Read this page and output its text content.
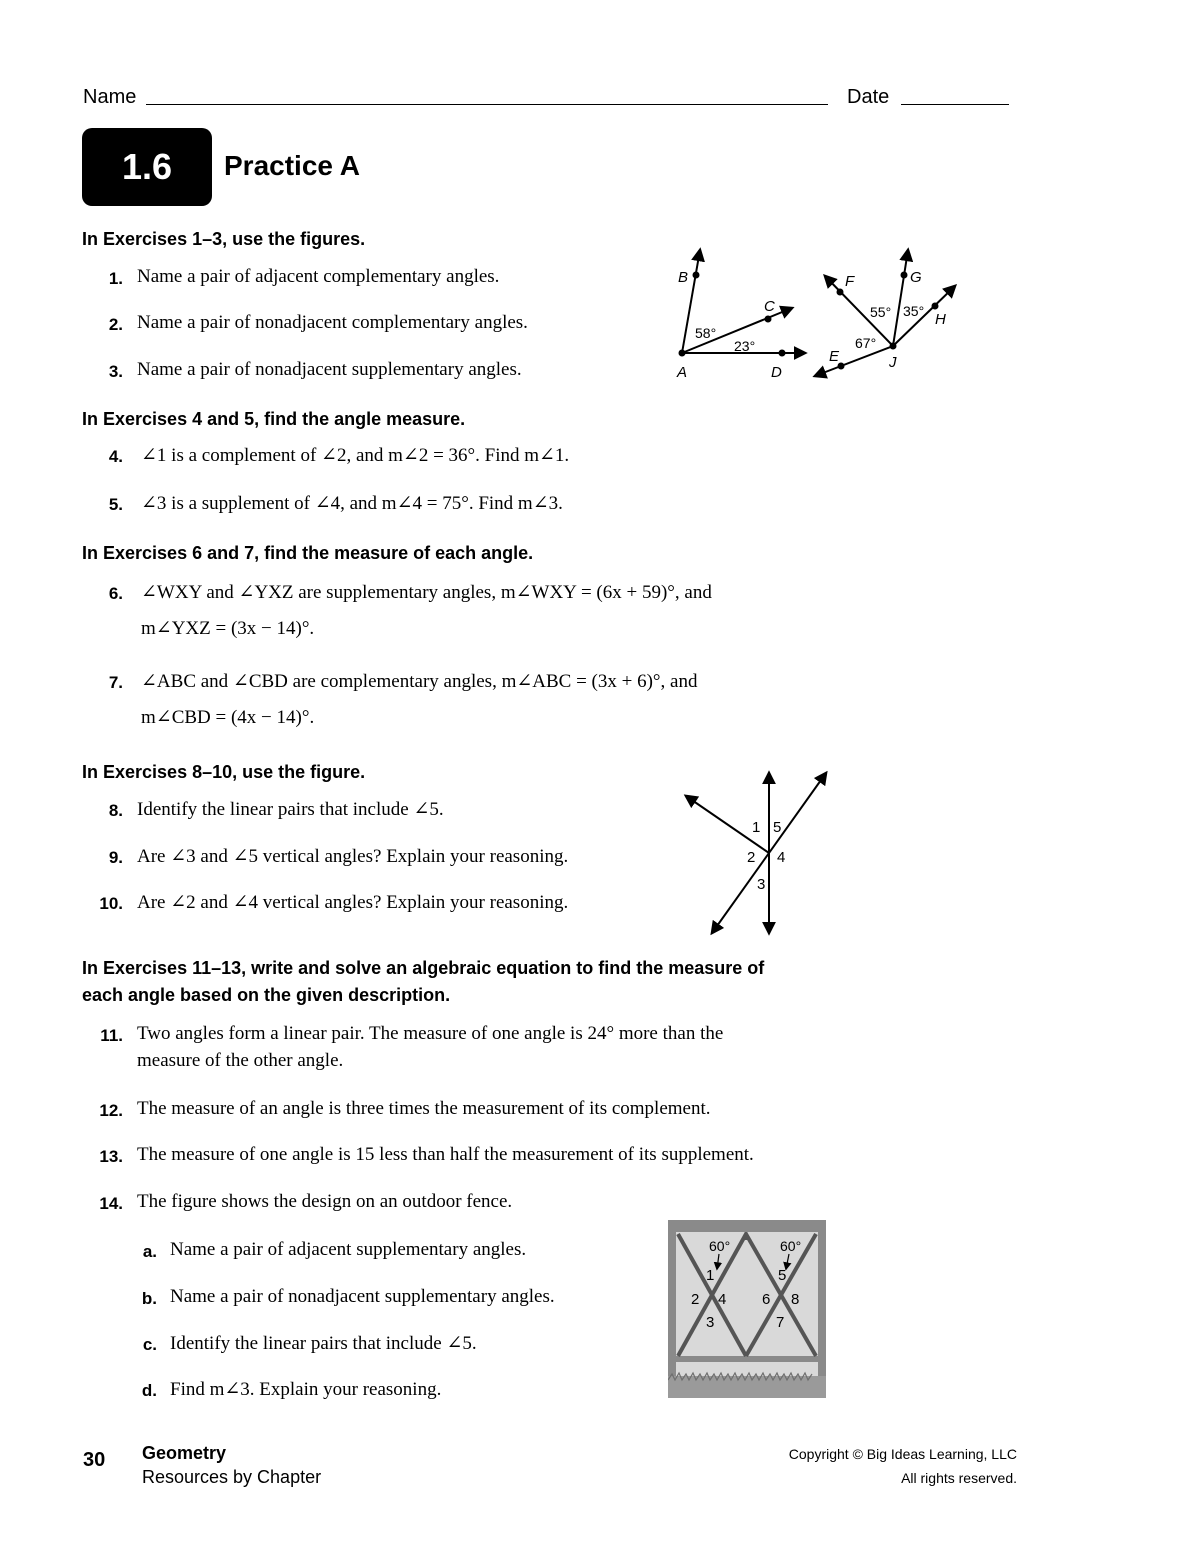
Name	Date
1.6 Practice A
In Exercises 1–3, use the figures.
1. Name a pair of adjacent complementary angles.
2. Name a pair of nonadjacent complementary angles.
3. Name a pair of nonadjacent supplementary angles.
B
C
A	D
58°
23°
F	G
H
E	J
55° 35°
67°
In Exercises 4 and 5, find the angle measure.
4. ∠1 is a complement of ∠2, and m∠2 = 36°. Find m∠1.
5. ∠3 is a supplement of ∠4, and m∠4 = 75°. Find m∠3.
In Exercises 6 and 7, find the measure of each angle.
6. ∠WXY and ∠YXZ are supplementary angles, m∠WXY = (6x + 59)°, and
m∠YXZ = (3x − 14)°.
7. ∠ABC and ∠CBD are complementary angles, m∠ABC = (3x + 6)°, and
m∠CBD = (4x − 14)°.
In Exercises 8–10, use the figure.
8. Identify the linear pairs that include ∠5.
9. Are ∠3 and ∠5 vertical angles? Explain your reasoning.
10. Are ∠2 and ∠4 vertical angles? Explain your reasoning.
1 5
2 4
3
In Exercises 11–13, write and solve an algebraic equation to find the measure of
each angle based on the given description.
11. Two angles form a linear pair. The measure of one angle is 24° more than the
measure of the other angle.
12. The measure of an angle is three times the measurement of its complement.
13. The measure of one angle is 15 less than half the measurement of its supplement.
14. The figure shows the design on an outdoor fence.
a. Name a pair of adjacent supplementary angles.
b. Name a pair of nonadjacent supplementary angles.
c. Identify the linear pairs that include ∠5.
d. Find m∠3. Explain your reasoning.
60°	60°
1	5
2 4 6 8
3	7
30 Geometry
Resources by Chapter
Copyright © Big Ideas Learning, LLC
All rights reserved.
